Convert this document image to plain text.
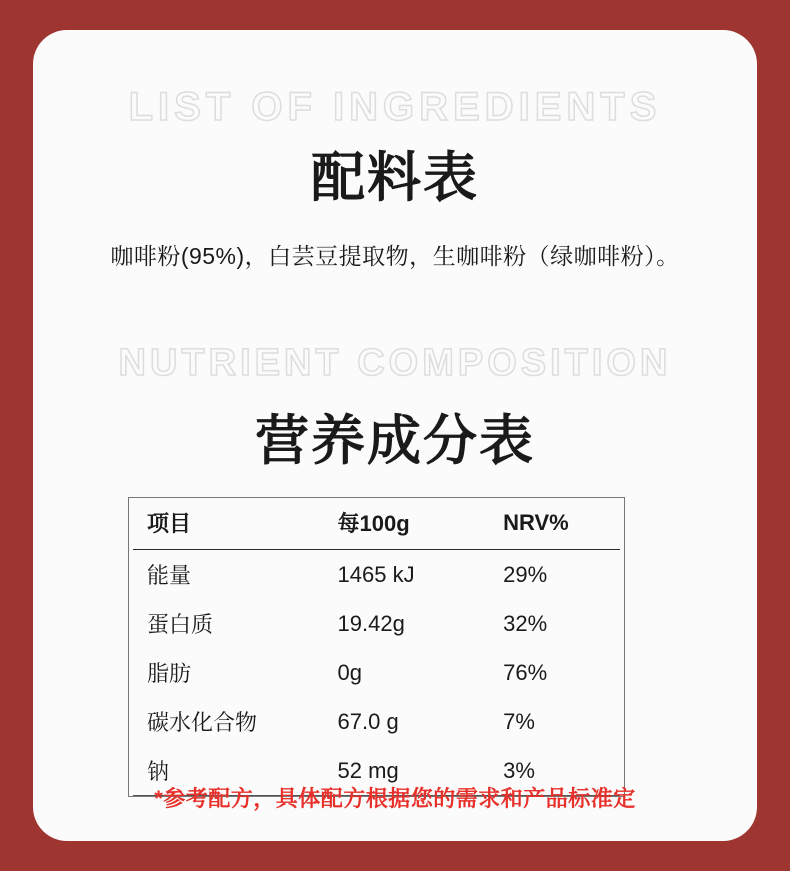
LIST OF INGREDIENTS
配料表
咖啡粉(95%)，白芸豆提取物，生咖啡粉（绿咖啡粉）。
NUTRIENT COMPOSITION
营养成分表
项目	每100g	NRV%
能量	1465 kJ	29%
蛋白质	19.42g	32%
脂肪	0g	76%
碳水化合物	67.0 g	7%
钠	52 mg	3%
*参考配方，具体配方根据您的需求和产品标准定
